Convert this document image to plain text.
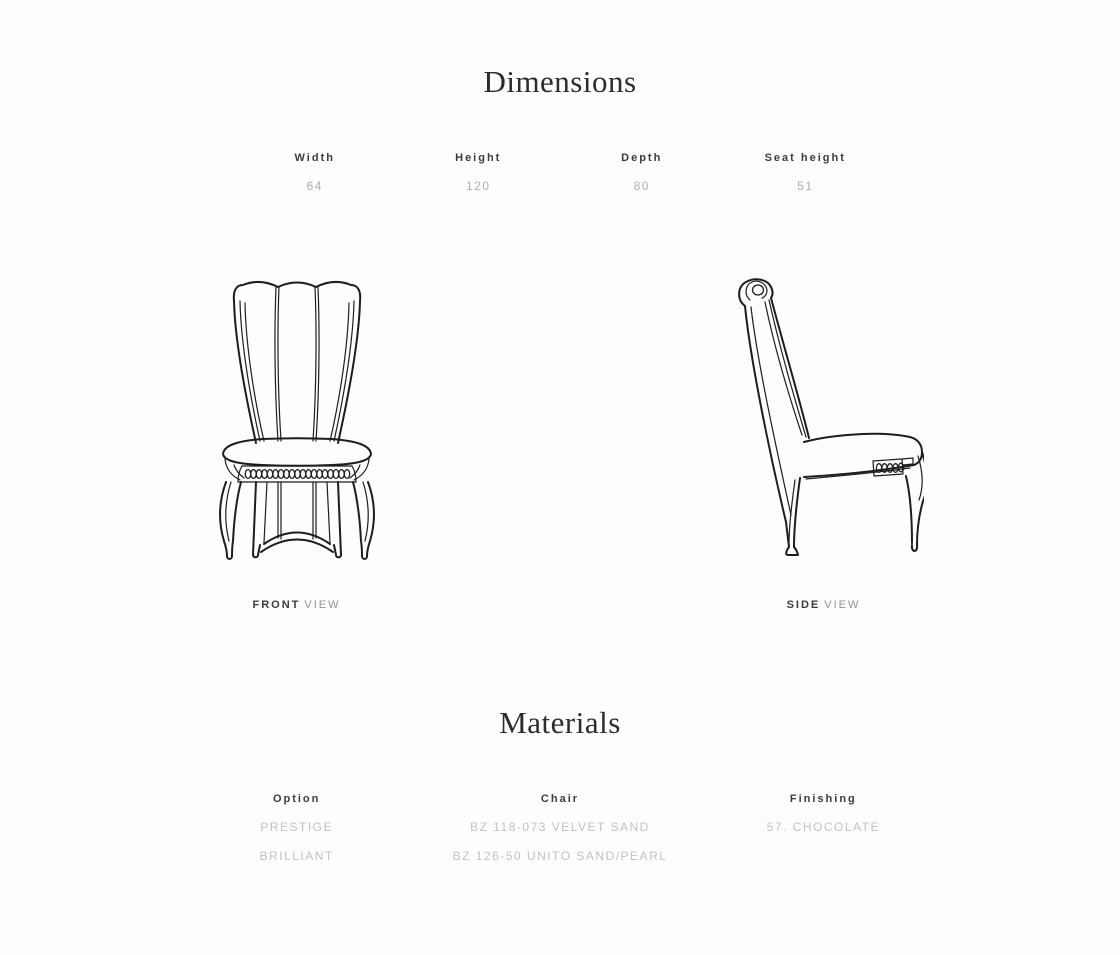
Dimensions
Width
64
Height
120
Depth
80
Seat height
51
FRONT VIEW	SIDE VIEW
Materials
Option
PRESTIGE
BRILLIANT
Chair
BZ 118-073 VELVET SAND
BZ 126-50 UNITO SAND/PEARL
Finishing
57. CHOCOLATE
